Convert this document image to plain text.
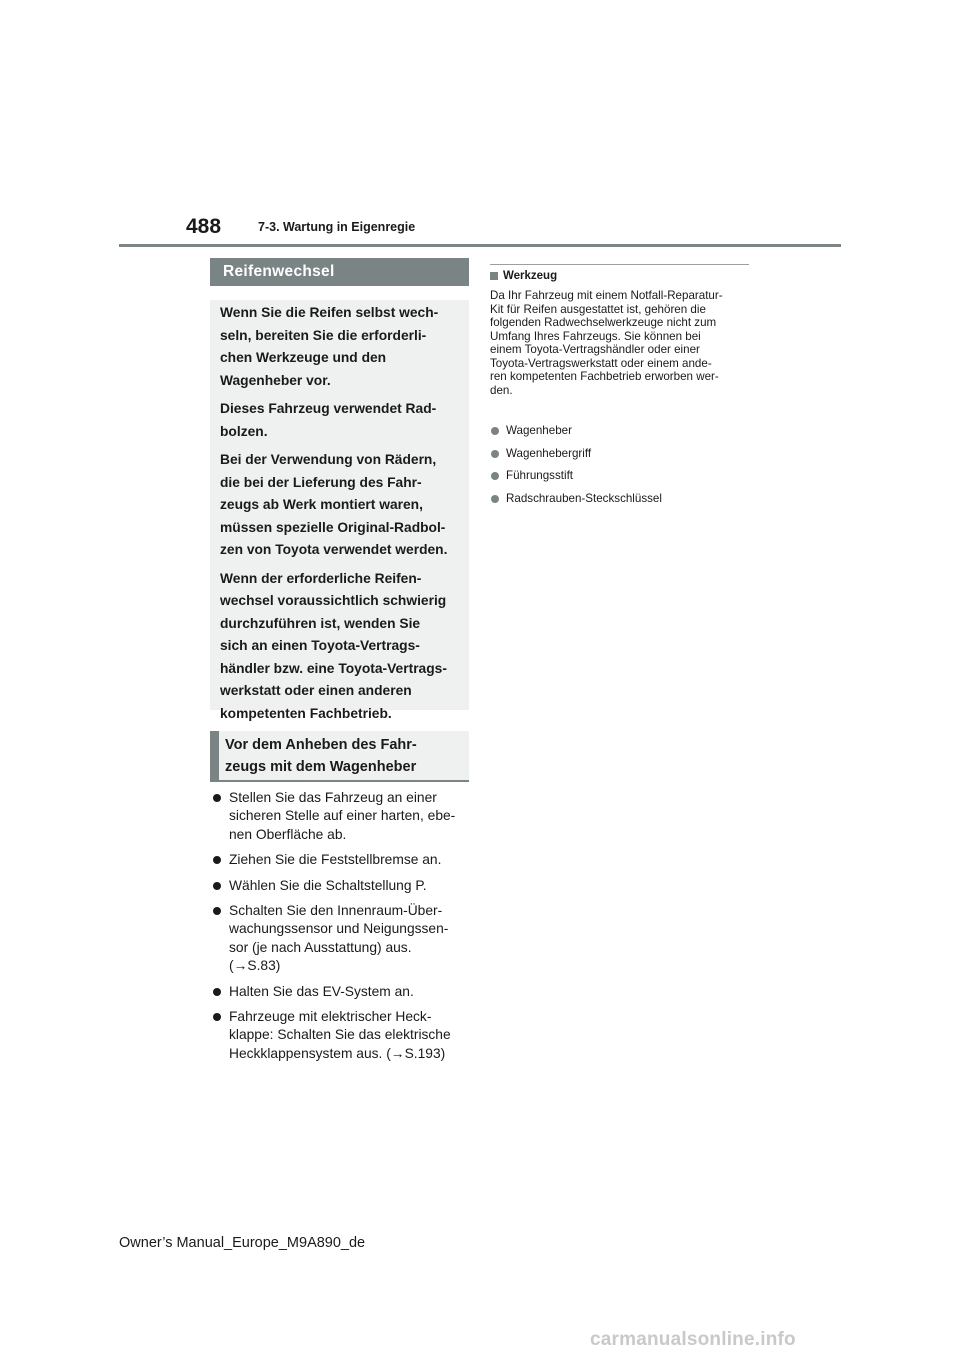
488	7-3. Wartung in Eigenregie
Reifenwechsel

Wenn Sie die Reifen selbst wech-

seln, bereiten Sie die erforderli-

chen Werkzeuge und den

Wagenheber vor.

Dieses Fahrzeug verwendet Rad-

bolzen.

Bei der Verwendung von Rädern,

die bei der Lieferung des Fahr-

zeugs ab Werk montiert waren,

müssen spezielle Original-Radbol-

zen von Toyota verwendet werden.

Wenn der erforderliche Reifen-

wechsel voraussichtlich schwierig

durchzuführen ist, wenden Sie

sich an einen Toyota-Vertrags-

händler bzw. eine Toyota-Vertrags-

werkstatt oder einen anderen

kompetenten Fachbetrieb.

Vor dem Anheben des Fahr-
zeugs mit dem Wagenheber
Stellen Sie das Fahrzeug an einer
sicheren Stelle auf einer harten, ebe-
nen Oberfläche ab.
Ziehen Sie die Feststellbremse an.
Wählen Sie die Schaltstellung P.
Schalten Sie den Innenraum-Über-
wachungssensor und Neigungssen-
sor (je nach Ausstattung) aus.
(→S.83)
Halten Sie das EV-System an.
Fahrzeuge mit elektrischer Heck-
klappe: Schalten Sie das elektrische
Heckklappensystem aus. (→S.193)
Werkzeug
Da Ihr Fahrzeug mit einem Notfall-Reparatur-
Kit für Reifen ausgestattet ist, gehören die
folgenden Radwechselwerkzeuge nicht zum
Umfang Ihres Fahrzeugs. Sie können bei
einem Toyota-Vertragshändler oder einer
Toyota-Vertragswerkstatt oder einem ande-
ren kompetenten Fachbetrieb erworben wer-
den.
Wagenheber
Wagenhebergriff
Führungsstift
Radschrauben-Steckschlüssel
Owner’s Manual_Europe_M9A890_de
carmanualsonline.info
